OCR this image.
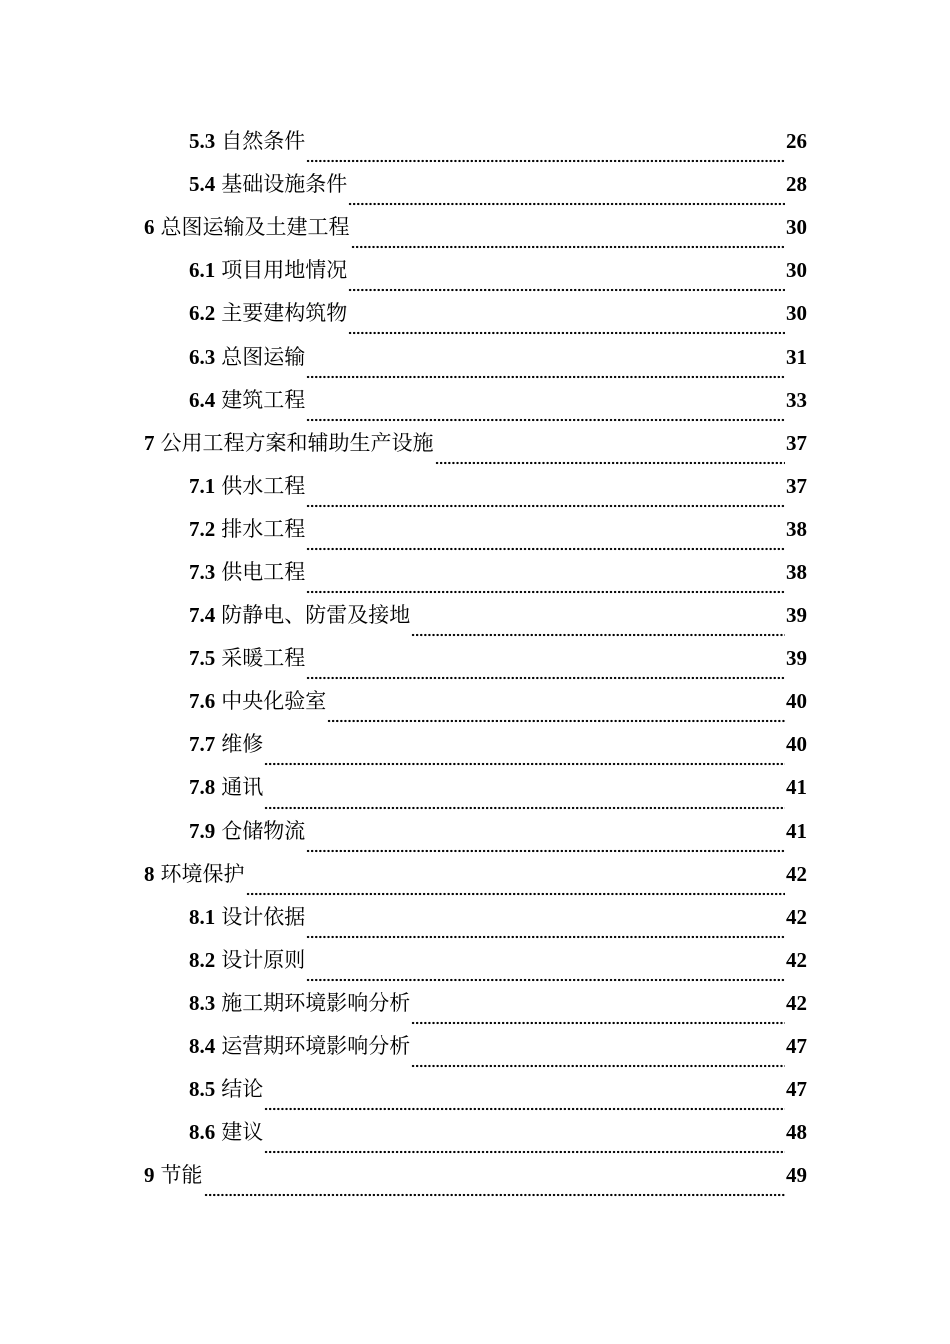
5.3 自然条件	26
5.4 基础设施条件	28
6 总图运输及土建工程	30
6.1 项目用地情况	30
6.2 主要建构筑物	30
6.3 总图运输	31
6.4 建筑工程	33
7 公用工程方案和辅助生产设施	37
7.1 供水工程	37
7.2 排水工程	38
7.3 供电工程	38
7.4 防静电、防雷及接地	39
7.5 采暖工程	39
7.6 中央化验室	40
7.7 维修	40
7.8 通讯	41
7.9 仓储物流	41
8 环境保护	42
8.1 设计依据	42
8.2 设计原则	42
8.3 施工期环境影响分析	42
8.4 运营期环境影响分析	47
8.5 结论	47
8.6 建议	48
9 节能	49
